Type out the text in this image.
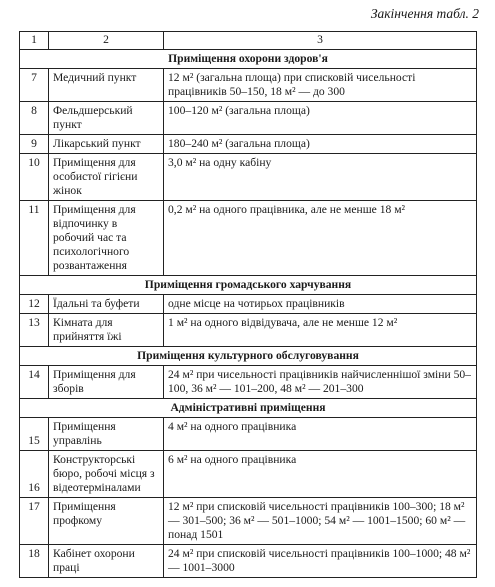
Закінчення табл. 2
1	2	3
Приміщення охорони здоров'я		
7	Медичний пункт	12 м² (загальна площа) при списковій чисельності працівників 50–150, 18 м² — до 300
8	Фельдшерський пункт	100–120 м² (загальна площа)
9	Лікарський пункт	180–240 м² (загальна площа)
10	Приміщення для особистої гігієни жінок	3,0 м² на одну кабіну
11	Приміщення для відпочинку в робочий час та психологічного розвантаження	0,2 м² на одного працівника, але не менше 18 м²
Приміщення громадського харчування		
12	Їдальні та буфети	одне місце на чотирьох працівників
13	Кімната для прийняття їжі	1 м² на одного відвідувача, але не менше 12 м²
Приміщення культурного обслуговування		
14	Приміщення для зборів	24 м² при чисельності працівників найчисленнішої зміни 50–100, 36 м² — 101–200, 48 м² — 201–300
Адміністративні приміщення		
15	Приміщення управлінь	4 м² на одного працівника
16	Конструкторські бюро, робочі місця з відеотерміналами	6 м² на одного працівника
17	Приміщення профкому	12 м² при списковій чисельності працівників 100–300; 18 м² — 301–500; 36 м² — 501–1000; 54 м² — 1001–1500; 60 м² — понад 1501
18	Кабінет охорони праці	24 м² при списковій чисельності працівників 100–1000; 48 м² — 1001–3000
